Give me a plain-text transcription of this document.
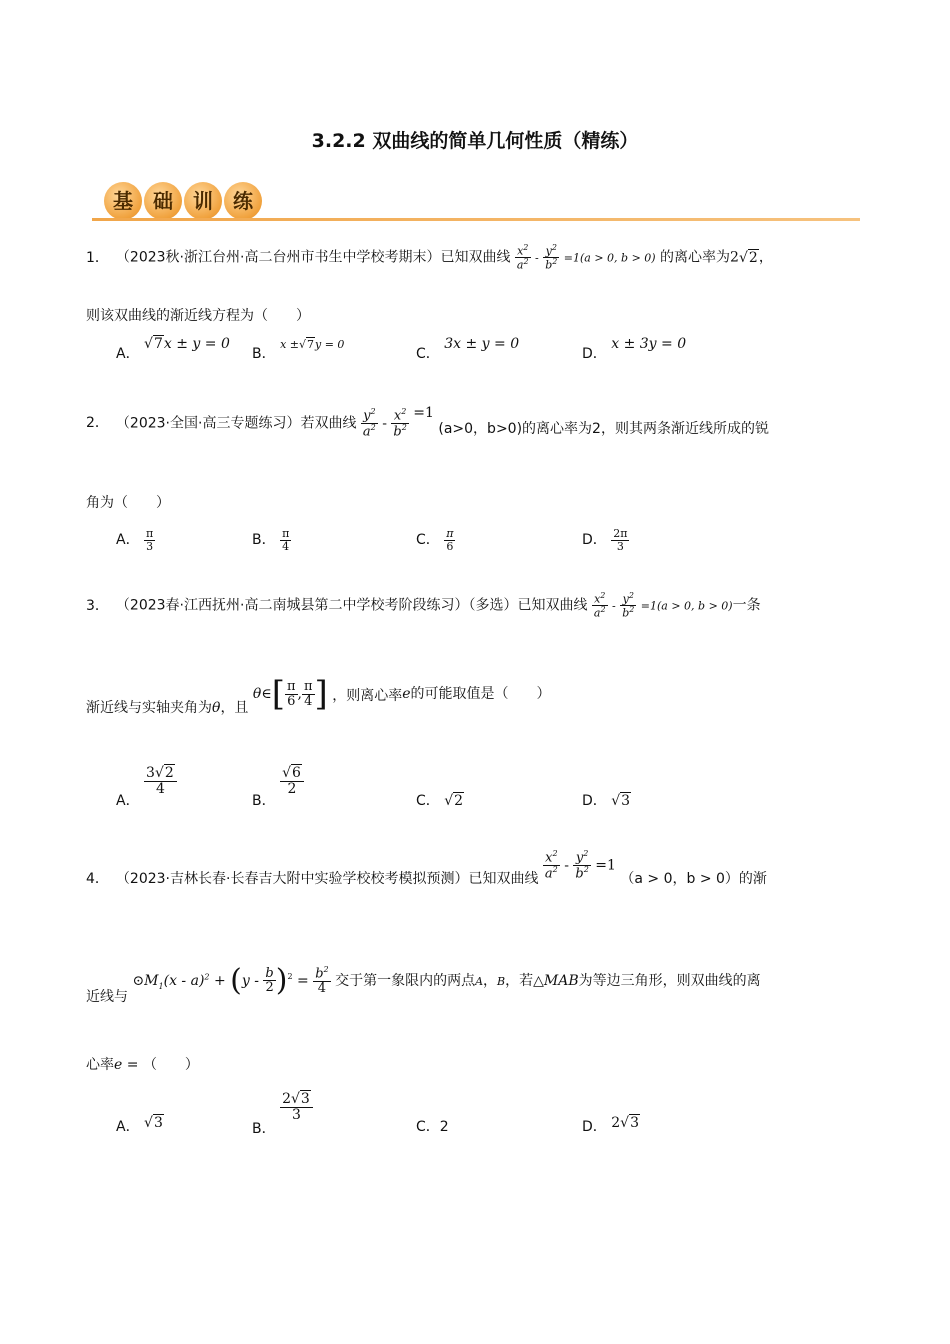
3.2.2 双曲线的简单几何性质（精练）
基	础	训	练
1． （2023秋·浙江台州·高二台州市书生中学校考期末）已知双曲线 $\frac{x^2}{a^2} - \frac{y^2}{b^2} =1(a > 0$, b > 0) 的离心率为2√2，
则该双曲线的渐近线方程为（　　）
A． √7x ± y = 0
B． $^{x \pm}√7^{y = 0}$
C． 3x ± y = 0
D． x ± 3y = 0
2． （2023·全国·高三专题练习）若双曲线 $\frac{y^2}{a^2} - \frac{x^2}{b^2} =1$ (a>0，b>0)的离心率为2，则其两条渐近线所成的锐
角为（　　）
A． $\frac{\pi}{3}$	B． $\frac{\pi}{4}$	C． $\frac{\pi}{6}$	D． $\frac{2\pi}{3}$
3． （2023春·江西抚州·高二南城县第二中学校考阶段练习）（多选）已知双曲线 $\frac{x^2}{a^2} - \frac{y^2}{b^2} =1(a > 0$, b > 0)一条
渐近线与实轴夹角为θ，且 θ∈[ $\frac{\pi}{6}$ , $\frac{\pi}{4}$ ] ，则离心率e的可能取值是（　　）
A．
$\frac{3√2}{4}$
B．
$\frac{√6}{2}$
C． √2	D． √3
4． （2023·吉林长春·长春吉大附中实验学校校考模拟预测）已知双曲线 $\frac{x^2}{a^2} - \frac{y^2}{b^2} =1$ （a > 0，b > 0）的渐
近线与 $⊙M_1(x - a)^2 + (y - \frac{b}{2} )^2 = \frac{b^2}{4}$ 交于第一象限内的两点A，B，若△MAB为等边三角形，则双曲线的离
心率e = （　　）
A． √3	B．
$\frac{2√3}{3}$
C．2	D． 2√3
